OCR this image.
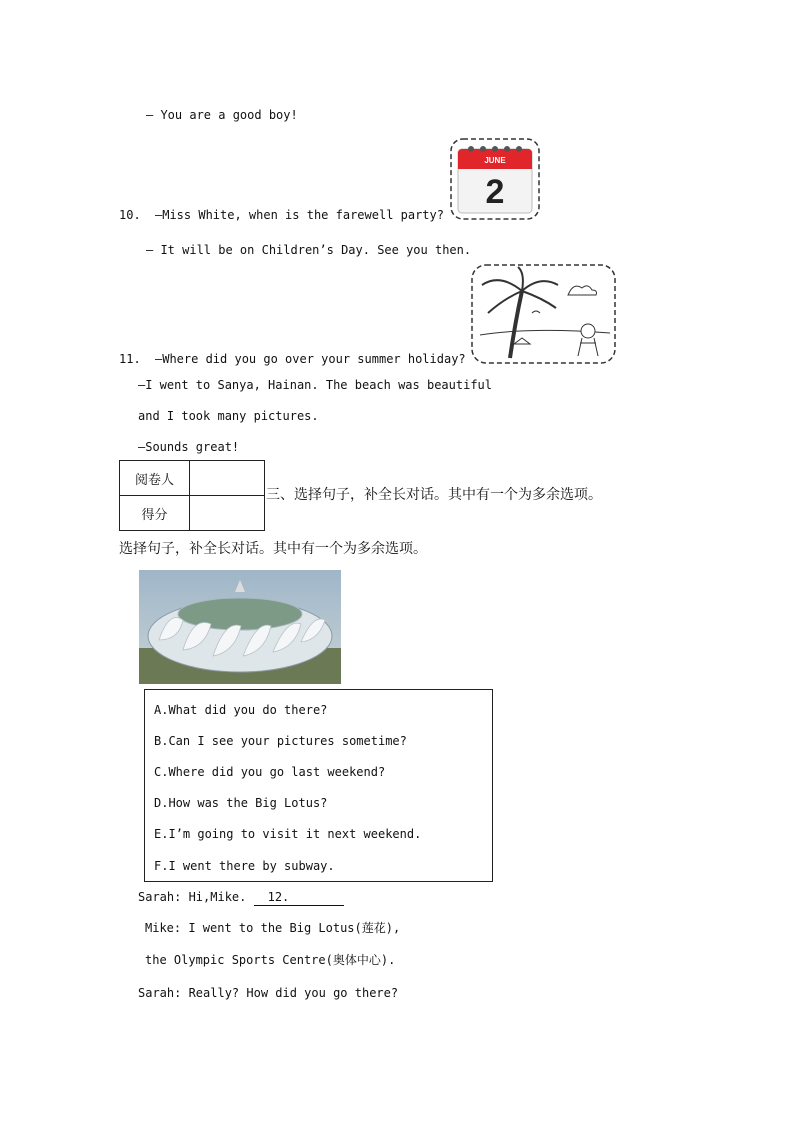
— You are a good boy!
JUNE
2
10. —Miss White, when is the farewell party?
— It will be on Children’s Day. See you then.
11. —Where did you go over your summer holiday?
—I went to Sanya, Hainan. The beach was beautiful
and I took many pictures.
—Sounds great!
阅卷人	
得分	
三、选择句子，补全长对话。其中有一个为多余选项。
选择句子，补全长对话。其中有一个为多余选项。
A.What did you do there?
B.Can I see your pictures sometime?
C.Where did you go last weekend?
D.How was the Big Lotus?
E.I’m going to visit it next weekend.
F.I went there by subway.
Sarah: Hi,Mike. 12.
Mike: I went to the Big Lotus(莲花),
the Olympic Sports Centre(奥体中心).
Sarah: Really? How did you go there?
